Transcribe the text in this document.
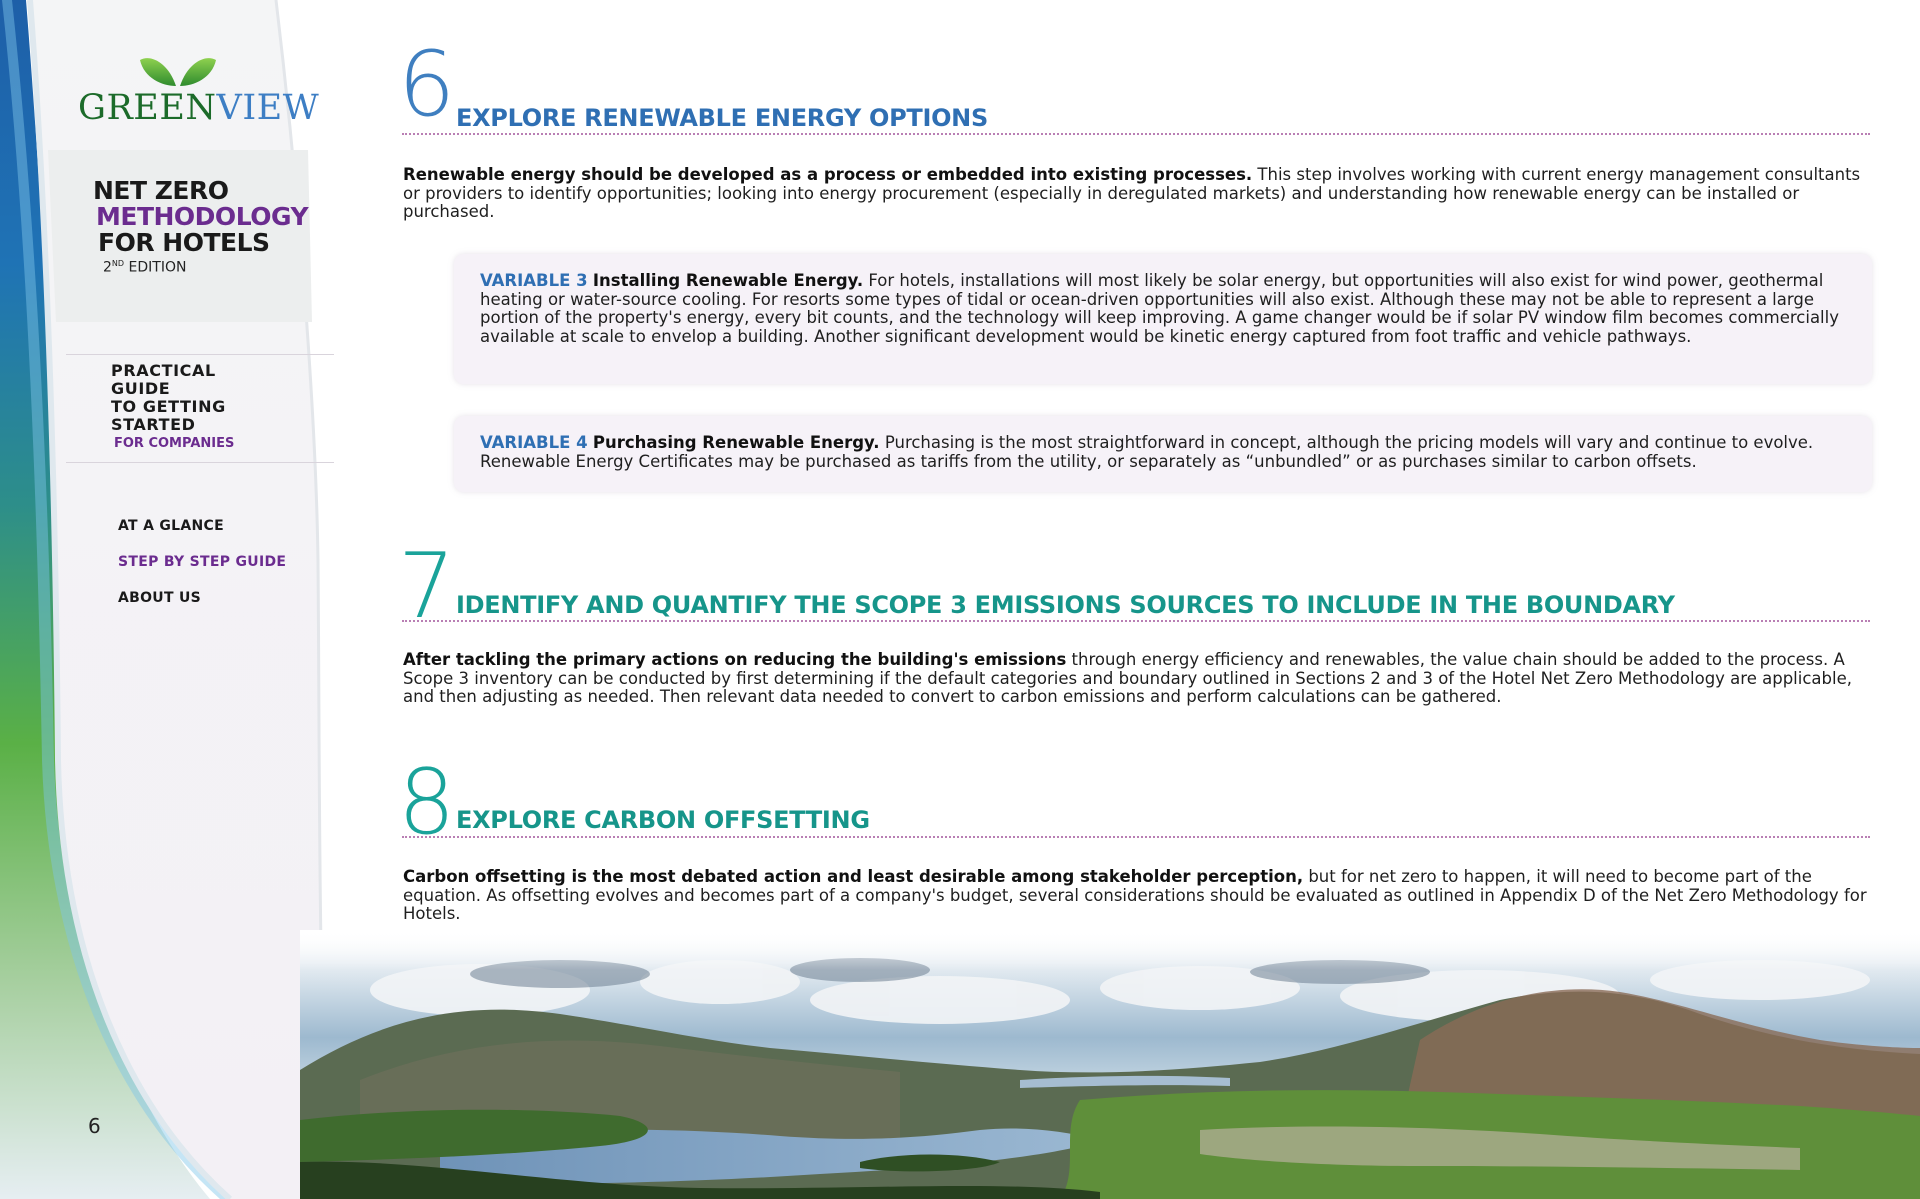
GREENVIEW
NET ZERO
METHODOLOGY
FOR HOTELS
2ND EDITION
PRACTICAL
GUIDE
TO GETTING
STARTED
FOR COMPANIES
AT A GLANCE
STEP BY STEP GUIDE
ABOUT US
6
6 EXPLORE RENEWABLE ENERGY OPTIONS
Renewable energy should be developed as a process or embedded into existing processes. This step involves working with current energy management consultants or providers to identify opportunities; looking into energy procurement (especially in deregulated markets) and understanding how renewable energy can be installed or purchased.
VARIABLE 3 Installing Renewable Energy. For hotels, installations will most likely be solar energy, but opportunities will also exist for wind power, geothermal heating or water-source cooling. For resorts some types of tidal or ocean-driven opportunities will also exist. Although these may not be able to represent a large portion of the property's energy, every bit counts, and the technology will keep improving. A game changer would be if solar PV window film becomes commercially available at scale to envelop a building. Another significant development would be kinetic energy captured from foot traffic and vehicle pathways.
VARIABLE 4 Purchasing Renewable Energy. Purchasing is the most straightforward in concept, although the pricing models will vary and continue to evolve. Renewable Energy Certificates may be purchased as tariffs from the utility, or separately as “unbundled” or as purchases similar to carbon offsets.
7 IDENTIFY AND QUANTIFY THE SCOPE 3 EMISSIONS SOURCES TO INCLUDE IN THE BOUNDARY
After tackling the primary actions on reducing the building's emissions through energy efficiency and renewables, the value chain should be added to the process. A Scope 3 inventory can be conducted by first determining if the default categories and boundary outlined in Sections 2 and 3 of the Hotel Net Zero Methodology are applicable, and then adjusting as needed. Then relevant data needed to convert to carbon emissions and perform calculations can be gathered.
8 EXPLORE CARBON OFFSETTING
Carbon offsetting is the most debated action and least desirable among stakeholder perception, but for net zero to happen, it will need to become part of the equation. As offsetting evolves and becomes part of a company's budget, several considerations should be evaluated as outlined in Appendix D of the Net Zero Methodology for Hotels.
